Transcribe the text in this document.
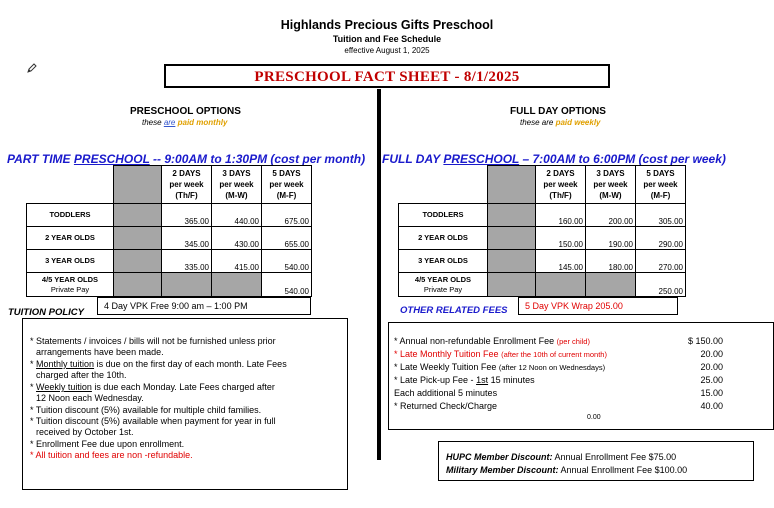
Highlands Precious Gifts Preschool
Tuition and Fee Schedule
effective August 1, 2025
PRESCHOOL FACT SHEET - 8/1/2025
PRESCHOOL OPTIONS
these are paid monthly
FULL DAY OPTIONS
these are paid weekly
PART TIME PRESCHOOL -- 9:00AM to 1:30PM (cost per month) FULL DAY PRESCHOOL – 7:00AM to 6:00PM (cost per week)
		2 DAYS
per week
(Th/F)	3 DAYS
per week
(M-W)	5 DAYS
per week
(M-F)
TODDLERS		365.00	440.00	675.00
2 YEAR OLDS		345.00	430.00	655.00
3 YEAR OLDS		335.00	415.00	540.00
4/5 YEAR OLDS
Private Pay				540.00
		2 DAYS
per week
(Th/F)	3 DAYS
per week
(M-W)	5 DAYS
per week
(M-F)
TODDLERS		160.00	200.00	305.00
2 YEAR OLDS		150.00	190.00	290.00
3 YEAR OLDS		145.00	180.00	270.00
4/5 YEAR OLDS
Private Pay				250.00
4 Day VPK Free 9:00 am – 1:00 PM	5 Day VPK Wrap 205.00
TUITION POLICY
* Statements / invoices / bills will not be furnished unless prior
arrangements have been made.
* Monthly tuition is due on the first day of each month. Late Fees
charged after the 10th.
* Weekly tuition is due each Monday. Late Fees charged after
12 Noon each Wednesday.
* Tuition discount (5%) available for multiple child families.
* Tuition discount (5%) available when payment for year in full
received by October 1st.
* Enrollment Fee due upon enrollment.
* All tuition and fees are non -refundable.
OTHER RELATED FEES
* Annual non-refundable Enrollment Fee (per child)	$ 150.00
* Late Monthly Tuition Fee (after the 10th of current month)	20.00
* Late Weekly Tuition Fee (after 12 Noon on Wednesdays)	20.00
* Late Pick-up Fee - 1st 15 minutes	25.00
Each additional 5 minutes	15.00
* Returned Check/Charge	40.00
0.00
HUPC Member Discount: Annual Enrollment Fee $75.00
Military Member Discount: Annual Enrollment Fee $100.00
